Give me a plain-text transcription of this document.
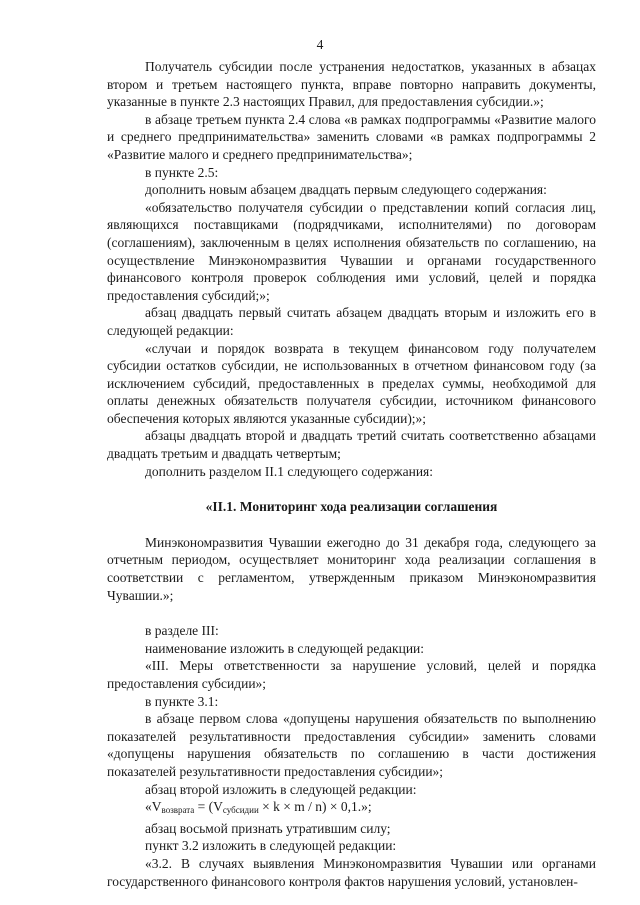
4

Получатель субсидии после устранения недостатков, указанных в абзацах втором и третьем настоящего пункта, вправе повторно направить документы, указанные в пункте 2.3 настоящих Правил, для предоставления субсидии.»;

в абзаце третьем пункта 2.4 слова «в рамках подпрограммы «Развитие малого и среднего предпринимательства» заменить словами «в рамках подпрограммы 2 «Развитие малого и среднего предпринимательства»;

в пункте 2.5:

дополнить новым абзацем двадцать первым следующего содержания:

«обязательство получателя субсидии о представлении копий согласия лиц, являющихся поставщиками (подрядчиками, исполнителями) по договорам (соглашениям), заключенным в целях исполнения обязательств по соглашению, на осуществление Минэкономразвития Чувашии и органами государственного финансового контроля проверок соблюдения ими условий, целей и порядка предоставления субсидий;»;

абзац двадцать первый считать абзацем двадцать вторым и изложить его в следующей редакции:

«случаи и порядок возврата в текущем финансовом году получателем субсидии остатков субсидии, не использованных в отчетном финансовом году (за исключением субсидий, предоставленных в пределах суммы, необходимой для оплаты денежных обязательств получателя субсидии, источником финансового обеспечения которых являются указанные субсидии);»;

абзацы двадцать второй и двадцать третий считать соответственно абзацами двадцать третьим и двадцать четвертым;

дополнить разделом II.1 следующего содержания:

«II.1. Мониторинг хода реализации соглашения

Минэкономразвития Чувашии ежегодно до 31 декабря года, следующего за отчетным периодом, осуществляет мониторинг хода реализации соглашения в соответствии с регламентом, утвержденным приказом Минэкономразвития Чувашии.»;

в разделе III:

наименование изложить в следующей редакции:

«III. Меры ответственности за нарушение условий, целей и порядка предоставления субсидии»;

в пункте 3.1:

в абзаце первом слова «допущены нарушения обязательств по выполнению показателей результативности предоставления субсидии» заменить словами «допущены нарушения обязательств по соглашению в части достижения показателей результативности предоставления субсидии»;

абзац второй изложить в следующей редакции:

«$V_{возврата} = (V_{субсидии} \times k \times m / n) \times 0,1$.»;

абзац восьмой признать утратившим силу;

пункт 3.2 изложить в следующей редакции:

«3.2. В случаях выявления Минэкономразвития Чувашии или органами государственного финансового контроля фактов нарушения условий, установлен-
